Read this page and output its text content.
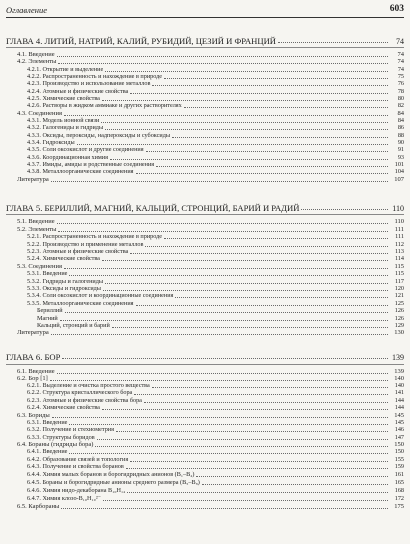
Оглавление	603
ГЛАВА 4. ЛИТИЙ, НАТРИЙ, КАЛИЙ, РУБИДИЙ, ЦЕЗИЙ И ФРАНЦИЙ	74
4.1. Введение	74
4.2. Элементы	74
4.2.1. Открытие и выделение	74
4.2.2. Распространенность и нахождение в природе	75
4.2.3. Производство и использование металлов	76
4.2.4. Атомные и физические свойства	78
4.2.5. Химические свойства	80
4.2.6. Растворы в жидком аммиаке и других растворителях	82
4.3. Соединения	84
4.3.1. Модель ионной связи	84
4.3.2. Галогениды и гидриды	86
4.3.3. Оксиды, пероксиды, надпероксиды и субоксиды	88
4.3.4. Гидроксиды	90
4.3.5. Соли оксокислот и другие соединения	91
4.3.6. Координационная химия	93
4.3.7. Имиды, амиды и родственные соединения	101
4.3.8. Металлоорганические соединения	104
Литература	107
ГЛАВА 5. БЕРИЛЛИЙ, МАГНИЙ, КАЛЬЦИЙ, СТРОНЦИЙ, БАРИЙ И РАДИЙ	110
5.1. Введение	110
5.2. Элементы	111
5.2.1. Распространенность и нахождение в природе	111
5.2.2. Производство и применение металлов	112
5.2.3. Атомные и физические свойства	113
5.2.4. Химические свойства	114
5.3. Соединения	115
5.3.1. Введение	115
5.3.2. Гидриды и галогениды	117
5.3.3. Оксиды и гидроксиды	120
5.3.4. Соли оксокислот и координационные соединения	121
5.3.5. Металлоорганические соединения	125
Бериллий	126
Магний	126
Кальций, стронций и барий	129
Литература	130
ГЛАВА 6. БОР	139
6.1. Введение	139
6.2. Бор [1]	140
6.2.1. Выделение и очистка простого вещества	140
6.2.2. Структура кристаллического бора	141
6.2.3. Атомные и физические свойства бора	144
6.2.4. Химические свойства	144
6.3. Бориды	145
6.3.1. Введение	145
6.3.2. Получение и стехиометрия	146
6.3.3. Структуры боридов	147
6.4. Бораны (гидриды бора)	150
6.4.1. Введение	150
6.4.2. Образование связей и топология	155
6.4.3. Получение и свойства боранов	159
6.4.4. Химия малых боранов и борогидридных анионов (B₁–B₄)	161
6.4.5. Бораны и борогидридные анионы среднего размера (B₅–B₉)	165
6.4.6. Химия нидо-декаборана B₁₀H₁₄	168
6.4.7. Химия клозо-B₁₀H₁₀²⁻	172
6.5. Карбораны	175
